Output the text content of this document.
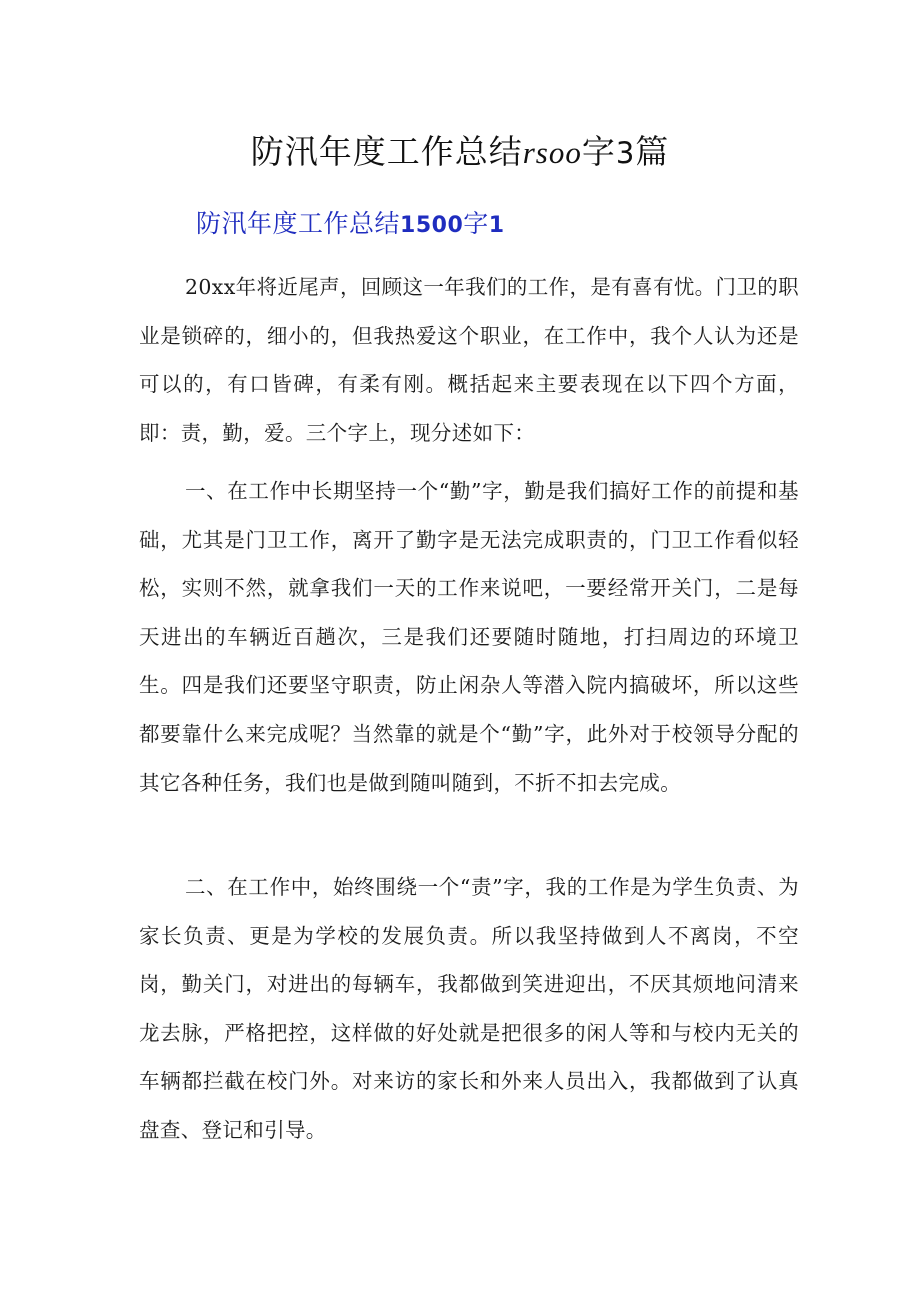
防汛年度工作总结rsoo字3篇
防汛年度工作总结1500字1

20xx年将近尾声，回顾这一年我们的工作，是有喜有忧。门卫的职业是锁碎的，细小的，但我热爱这个职业，在工作中，我个人认为还是可以的，有口皆碑，有柔有刚。概括起来主要表现在以下四个方面，即：责，勤，爱。三个字上，现分述如下：

一、在工作中长期坚持一个“勤”字，勤是我们搞好工作的前提和基础，尤其是门卫工作，离开了勤字是无法完成职责的，门卫工作看似轻松，实则不然，就拿我们一天的工作来说吧，一要经常开关门，二是每天进出的车辆近百趟次，三是我们还要随时随地，打扫周边的环境卫生。四是我们还要坚守职责，防止闲杂人等潜入院内搞破坏，所以这些都要靠什么来完成呢？当然靠的就是个“勤”字，此外对于校领导分配的其它各种任务，我们也是做到随叫随到，不折不扣去完成。

二、在工作中，始终围绕一个“责”字，我的工作是为学生负责、为家长负责、更是为学校的发展负责。所以我坚持做到人不离岗，不空岗，勤关门，对进出的每辆车，我都做到笑进迎出，不厌其烦地问清来龙去脉，严格把控，这样做的好处就是把很多的闲人等和与校内无关的车辆都拦截在校门外。对来访的家长和外来人员出入，我都做到了认真盘查、登记和引导。
